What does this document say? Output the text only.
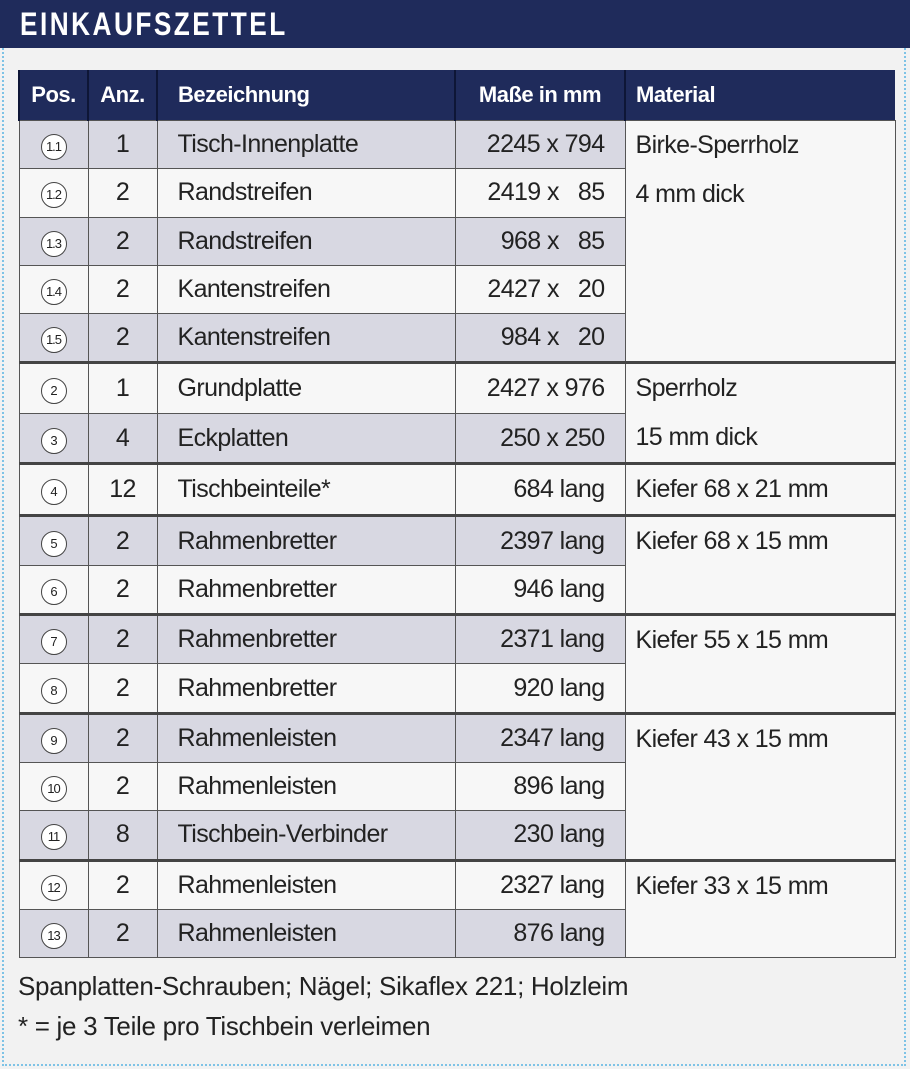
EINKAUFSZETTEL
Pos.	Anz.	Bezeichnung	Maße in mm	Material
1.1	1	Tisch-Innenplatte	2245 x 794	Birke-Sperrholz
4 mm dick

1.2	2	Randstreifen	2419 x   85	
1.3	2	Randstreifen	968 x   85	
1.4	2	Kantenstreifen	2427 x   20	
1.5	2	Kantenstreifen	984 x   20	
2	1	Grundplatte	2427 x 976	Sperrholz
15 mm dick

3	4	Eckplatten	250 x 250	
4	12	Tischbeinteile*	684 lang	Kiefer 68 x 21 mm

5	2	Rahmenbretter	2397 lang	Kiefer 68 x 15 mm

6	2	Rahmenbretter	946 lang	
7	2	Rahmenbretter	2371 lang	Kiefer 55 x 15 mm

8	2	Rahmenbretter	920 lang	
9	2	Rahmenleisten	2347 lang	Kiefer 43 x 15 mm

10	2	Rahmenleisten	896 lang	
11	8	Tischbein-Verbinder	230 lang	
12	2	Rahmenleisten	2327 lang	Kiefer 33 x 15 mm

13	2	Rahmenleisten	876 lang	
Spanplatten-Schrauben; Nägel; Sikaflex 221; Holzleim
* = je 3 Teile pro Tischbein verleimen
